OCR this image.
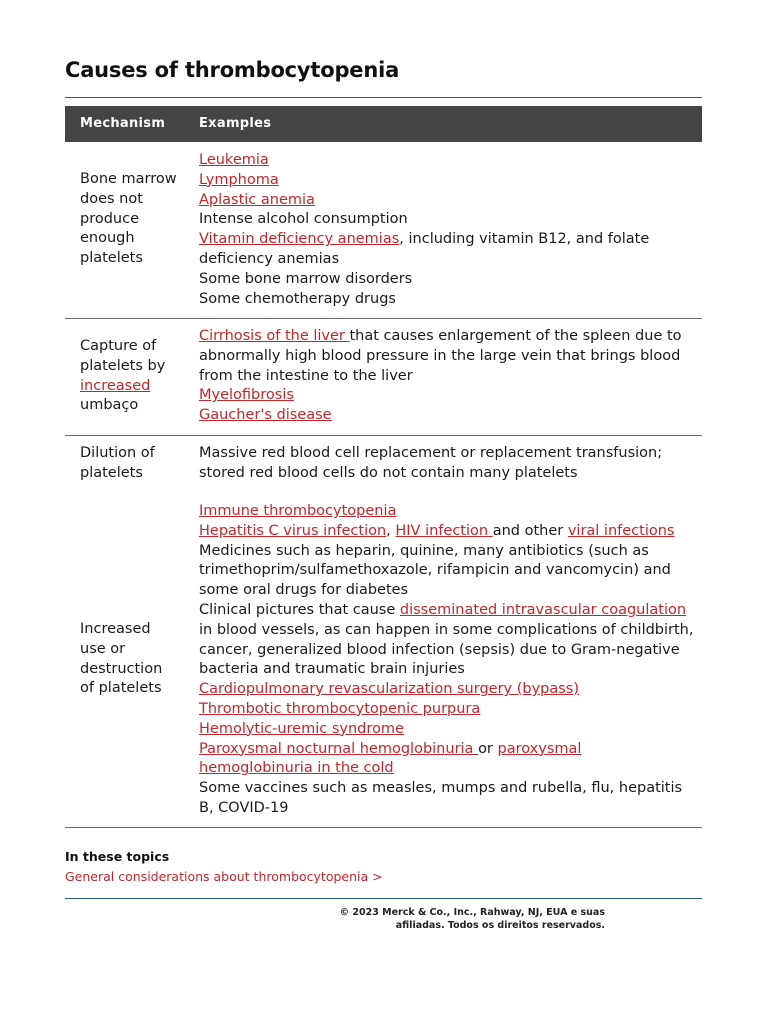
Causes of thrombocytopenia
Mechanism	Examples
Bone marrow does not produce enough platelets
Leukemia
Lymphoma
Aplastic anemia
Intense alcohol consumption
Vitamin deficiency anemias, including vitamin B12, and folate deficiency anemias
Some bone marrow disorders
Some chemotherapy drugs
Capture of platelets by increased umbaço
Cirrhosis of the liver that causes enlargement of the spleen due to abnormally high blood pressure in the large vein that brings blood from the intestine to the liver
Myelofibrosis
Gaucher's disease
Dilution of platelets
Massive red blood cell replacement or replacement transfusion; stored red blood cells do not contain many platelets
Increased use or destruction of platelets
Immune thrombocytopenia
Hepatitis C virus infection, HIV infection and other viral infections
Medicines such as heparin, quinine, many antibiotics (such as trimethoprim/sulfamethoxazole, rifampicin and vancomycin) and some oral drugs for diabetes
Clinical pictures that cause disseminated intravascular coagulation in blood vessels, as can happen in some complications of childbirth, cancer, generalized blood infection (sepsis) due to Gram-negative bacteria and traumatic brain injuries
Cardiopulmonary revascularization surgery (bypass)
Thrombotic thrombocytopenic purpura
Hemolytic-uremic syndrome
Paroxysmal nocturnal hemoglobinuria or paroxysmal hemoglobinuria in the cold
Some vaccines such as measles, mumps and rubella, flu, hepatitis B, COVID-19
In these topics
General considerations about thrombocytopenia >
© 2023 Merck & Co., Inc., Rahway, NJ, EUA e suas afiliadas. Todos os direitos reservados.
